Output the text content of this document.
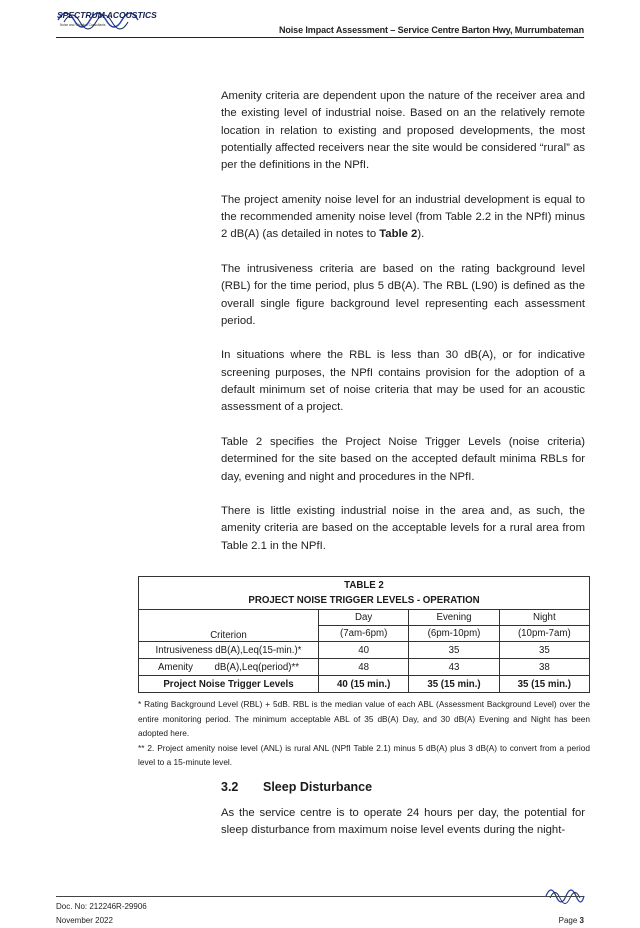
SPECTRUM ACOUSTICS
Noise and Vibration Consultants	Noise Impact Assessment – Service Centre Barton Hwy, Murrumbateman

Amenity criteria are dependent upon the nature of the receiver area and the existing level of industrial noise. Based on an the relatively remote location in relation to existing and proposed developments, the most potentially affected receivers near the site would be considered “rural” as per the definitions in the NPfI.

The project amenity noise level for an industrial development is equal to the recommended amenity noise level (from Table 2.2 in the NPfI) minus 2 dB(A) (as detailed in notes to Table 2).

The intrusiveness criteria are based on the rating background level (RBL) for the time period, plus 5 dB(A). The RBL (L90) is defined as the overall single figure background level representing each assessment period.

In situations where the RBL is less than 30 dB(A), or for indicative screening purposes, the NPfI contains provision for the adoption of a default minimum set of noise criteria that may be used for an acoustic assessment of a project.

Table 2 specifies the Project Noise Trigger Levels (noise criteria) determined for the site based on the accepted default minima RBLs for day, evening and night and procedures in the NPfI.

There is little existing industrial noise in the area and, as such, the amenity criteria are based on the acceptable levels for a rural area from Table 2.1 in the NPfI.

TABLE 2
PROJECT NOISE TRIGGER LEVELS - OPERATION			

Criterion	Day	Evening	Night
	(7am-6pm)	(6pm-10pm)	(10pm-7am)
Intrusiveness dB(A),Leq(15-min.)*	40	35	35
Amenity        dB(A),Leq(period)**	48	43	38
Project Noise Trigger Levels	40 (15 min.)	35 (15 min.)	35 (15 min.)

* Rating Background Level (RBL) + 5dB. RBL is the median value of each ABL (Assessment Background Level) over the entire monitoring period. The minimum acceptable ABL of 35 dB(A) Day, and 30 dB(A) Evening and Night has been adopted here.

** 2. Project amenity noise level (ANL) is rural ANL (NPfI Table 2.1) minus 5 dB(A) plus 3 dB(A) to convert from a period level to a 15-minute level.

3.2 Sleep Disturbance

As the service centre is to operate 24 hours per day, the potential for sleep disturbance from maximum noise level events during the night-

Doc. No: 212246R-29906
November 2022	Page 3
